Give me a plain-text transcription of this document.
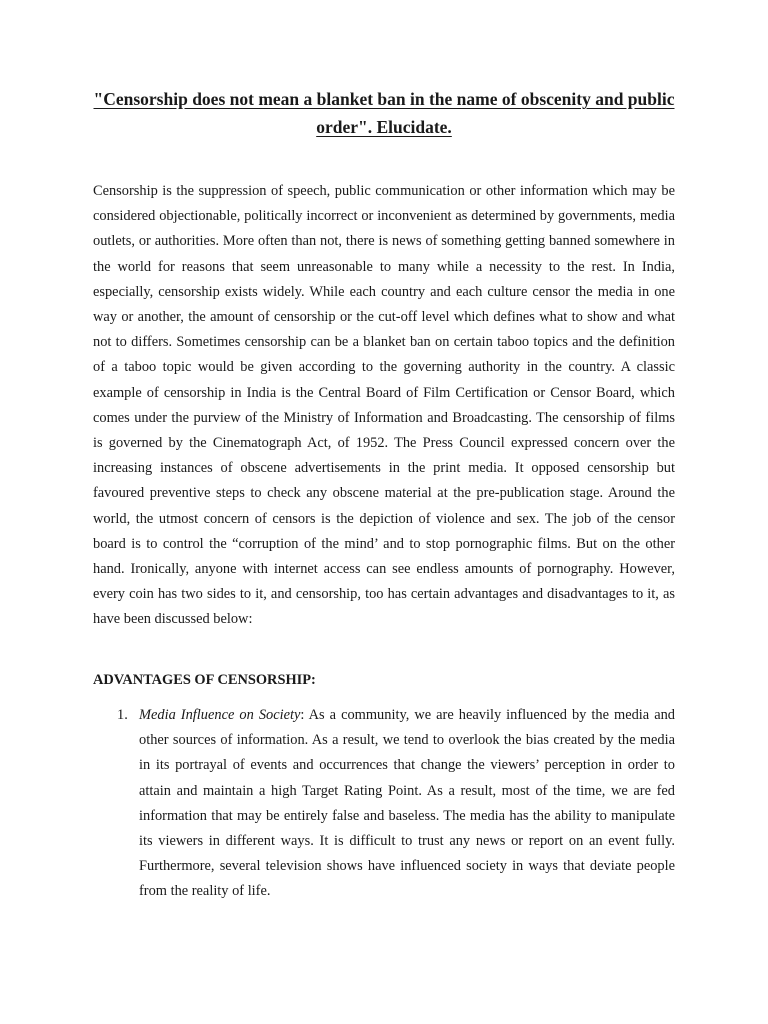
"Censorship does not mean a blanket ban in the name of obscenity and public order". Elucidate.

Censorship is the suppression of speech, public communication or other information which may be considered objectionable, politically incorrect or inconvenient as determined by governments, media outlets, or authorities. More often than not, there is news of something getting banned somewhere in the world for reasons that seem unreasonable to many while a necessity to the rest. In India, especially, censorship exists widely. While each country and each culture censor the media in one way or another, the amount of censorship or the cut-off level which defines what to show and what not to differs. Sometimes censorship can be a blanket ban on certain taboo topics and the definition of a taboo topic would be given according to the governing authority in the country. A classic example of censorship in India is the Central Board of Film Certification or Censor Board, which comes under the purview of the Ministry of Information and Broadcasting. The censorship of films is governed by the Cinematograph Act, of 1952. The Press Council expressed concern over the increasing instances of obscene advertisements in the print media. It opposed censorship but favoured preventive steps to check any obscene material at the pre-publication stage. Around the world, the utmost concern of censors is the depiction of violence and sex. The job of the censor board is to control the “corruption of the mind’ and to stop pornographic films. But on the other hand. Ironically, anyone with internet access can see endless amounts of pornography. However, every coin has two sides to it, and censorship, too has certain advantages and disadvantages to it, as have been discussed below:

ADVANTAGES OF CENSORSHIP:
1. Media Influence on Society: As a community, we are heavily influenced by the media and other sources of information. As a result, we tend to overlook the bias created by the media in its portrayal of events and occurrences that change the viewers’ perception in order to attain and maintain a high Target Rating Point. As a result, most of the time, we are fed information that may be entirely false and baseless. The media has the ability to manipulate its viewers in different ways. It is difficult to trust any news or report on an event fully. Furthermore, several television shows have influenced society in ways that deviate people from the reality of life.
